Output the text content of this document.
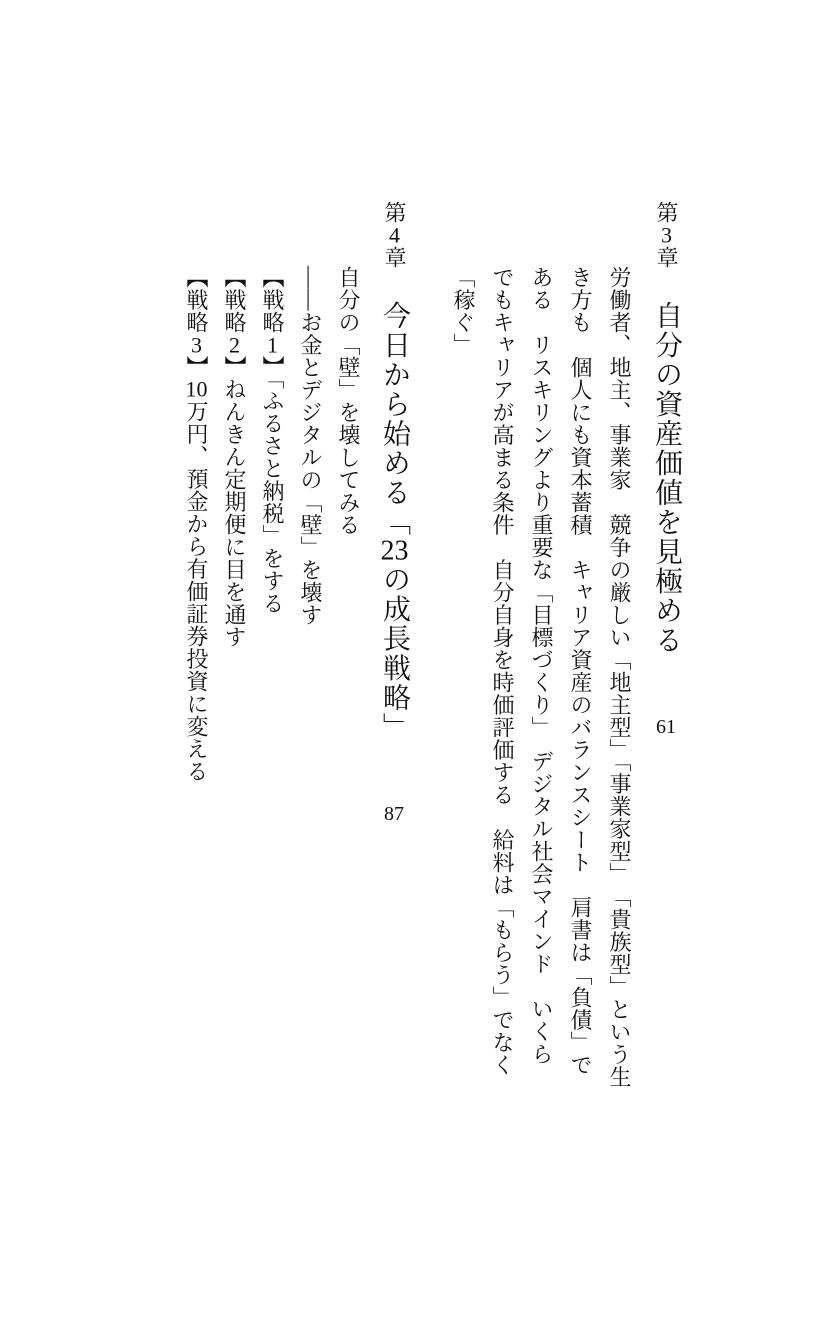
第3章 自分の資産価値を見極める 61
労働者、地主、事業家　競争の厳しい「地主型」「事業家型」　「貴族型」という生
き方も　個人にも資本蓄積　キャリア資産のバランスシート　肩書は「負債」で
ある　リスキリングより重要な「目標づくり」　デジタル社会マインド　いくら
でもキャリアが高まる条件　自分自身を時価評価する　給料は「もらう」でなく
「稼ぐ」
第4章 今日から始める「23の成長戦略」 87
自分の「壁」を壊してみる
――お金とデジタルの「壁」を壊す
【戦略1】「ふるさと納税」をする
【戦略2】ねんきん定期便に目を通す
【戦略3】10万円、預金から有価証券投資に変える
